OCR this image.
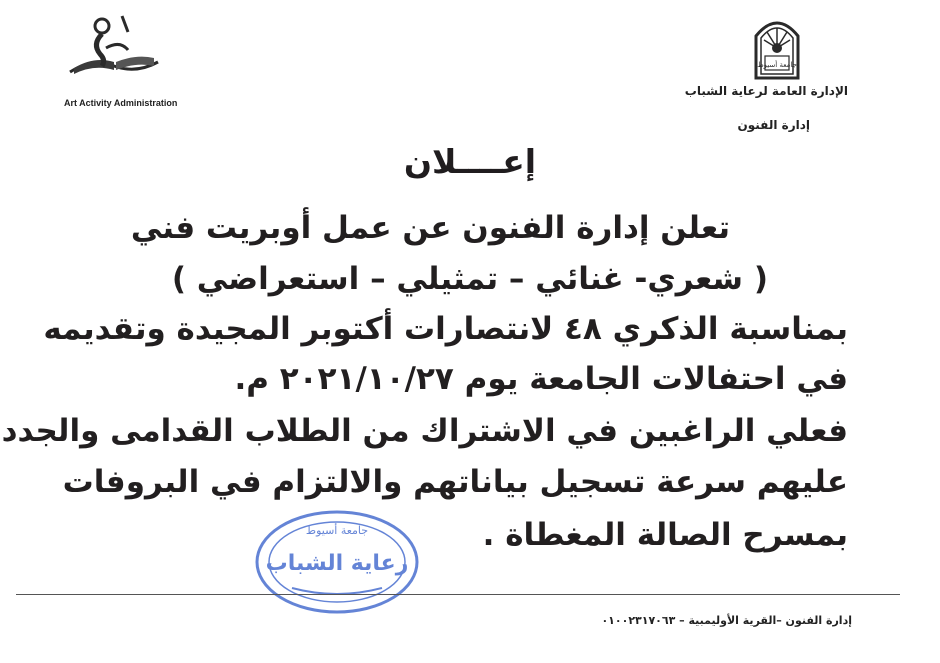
Art Activity Administration
جامعة أسيوط
الإدارة العامة لرعاية الشباب
إدارة الفنون
إعــــلان
تعلن إدارة الفنون عن عمل أوبريت فني
( شعري- غنائي – تمثيلي – استعراضي )
بمناسبة الذكري ٤٨ لانتصارات أكتوبر المجيدة وتقديمه
في احتفالات الجامعة يوم ٢٠٢١/١٠/٢٧ م.
فعلي الراغبين في الاشتراك من الطلاب القدامى والجدد
عليهم سرعة تسجيل بياناتهم والالتزام في البروفات
بمسرح الصالة المغطاة .
جامعة أسيوط
رعاية الشباب
إدارة الفنون –القرية الأوليمبية – ٠١٠٠٢٣١٧٠٦٣
